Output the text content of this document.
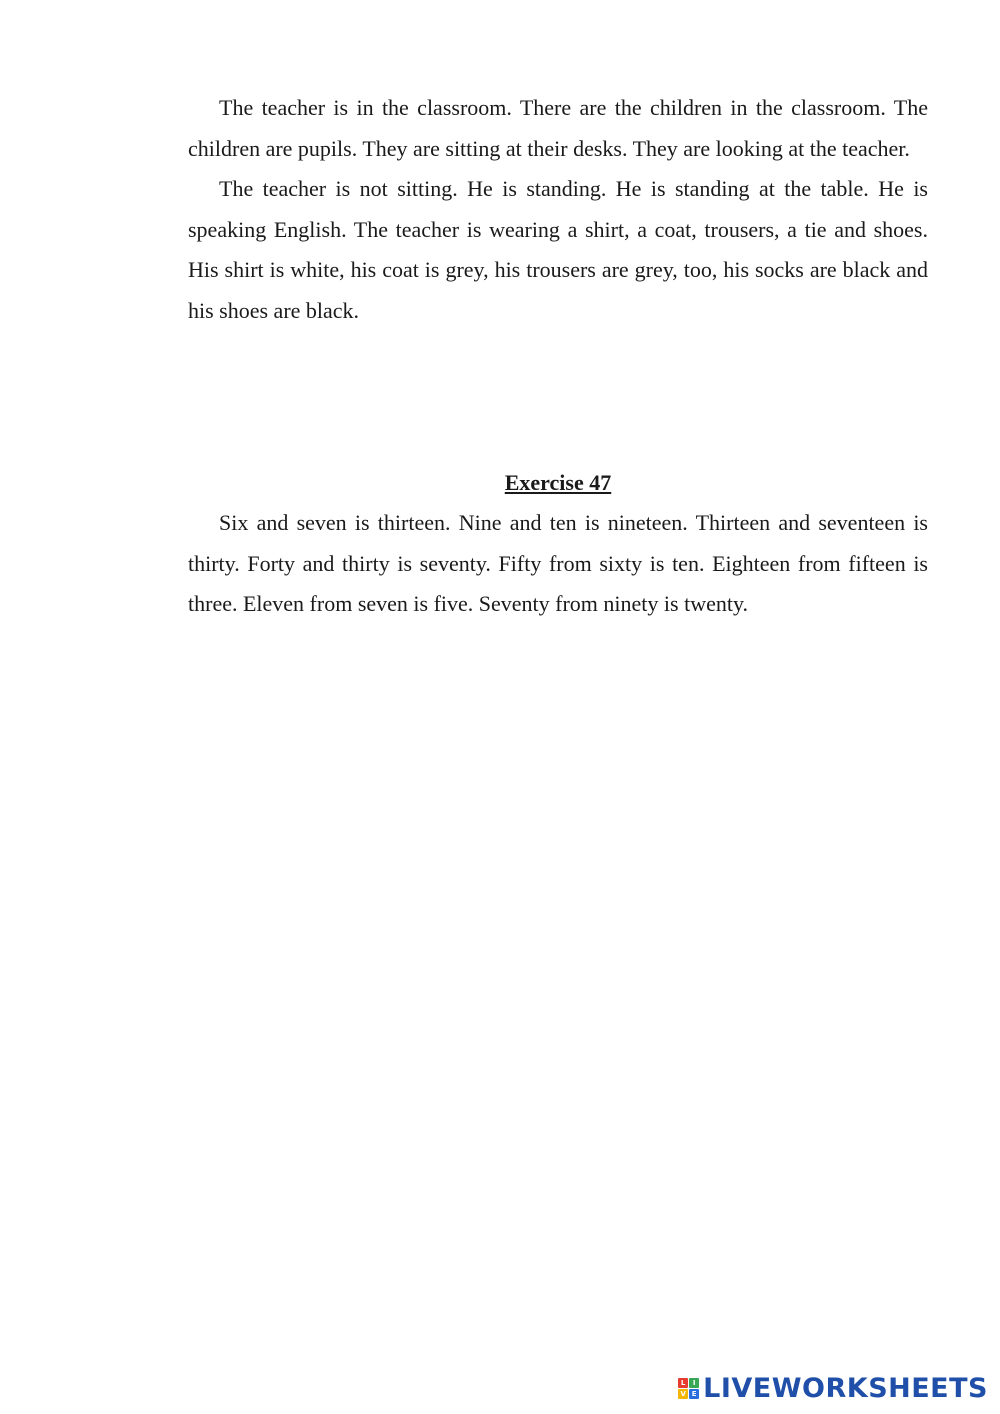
The teacher is in the classroom. There are the children in the classroom. The children are pupils. They are sitting at their desks. They are looking at the teacher.

The teacher is not sitting. He is standing. He is standing at the table. He is speaking English. The teacher is wearing a shirt, a coat, trousers, a tie and shoes. His shirt is white, his coat is grey, his trousers are grey, too, his socks are black and his shoes are black.

Exercise 47

Six and seven is thirteen. Nine and ten is nineteen. Thirteen and seventeen is thirty. Forty and thirty is seventy. Fifty from sixty is ten. Eighteen from fifteen is three. Eleven from seven is five. Seventy from ninety is twenty.

L	I
V E LIVEWORKSHEETS
